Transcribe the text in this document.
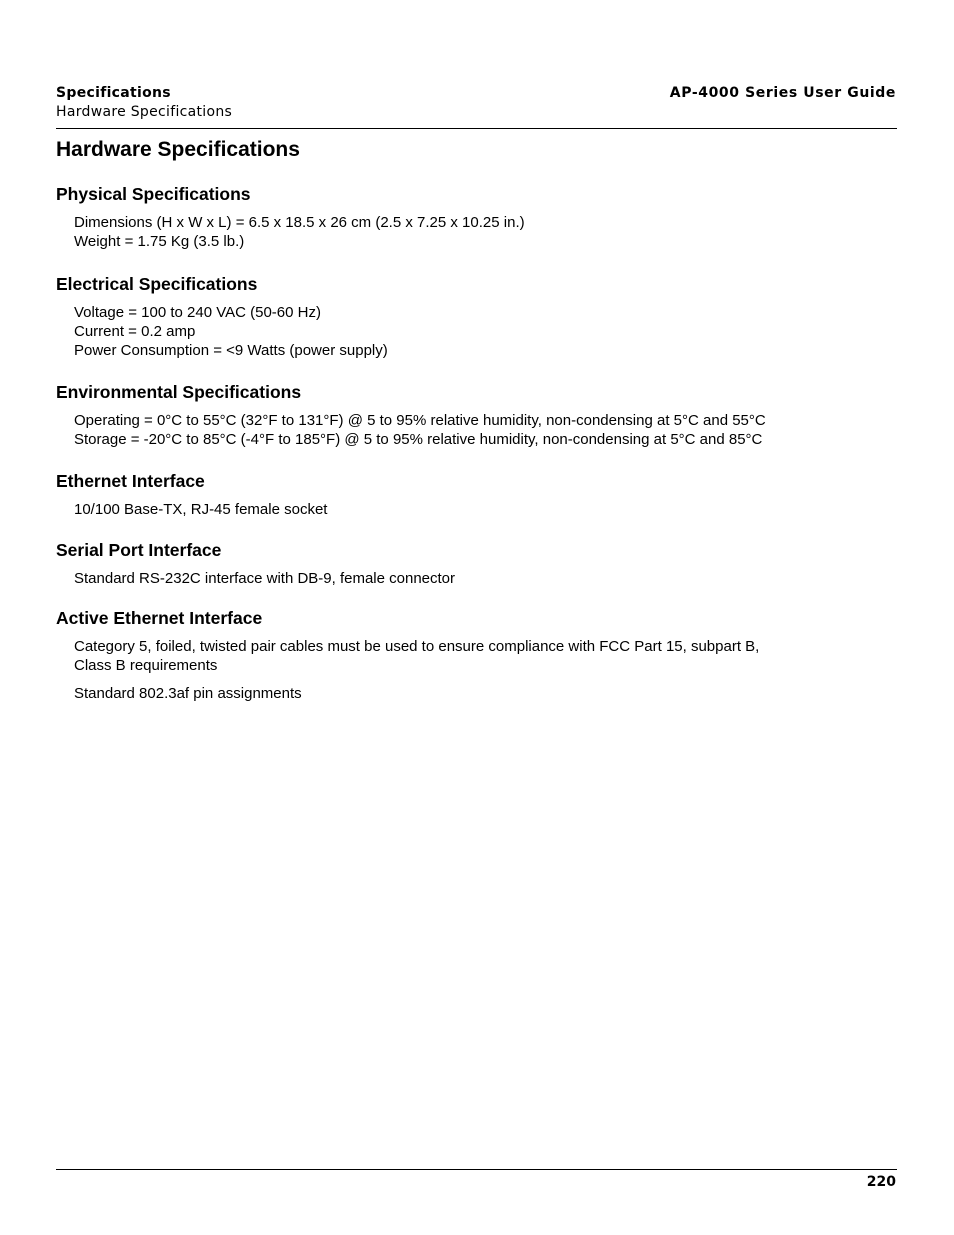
Specifications
Hardware Specifications
AP-4000 Series User Guide
Hardware Specifications
Physical Specifications
Dimensions (H x W x L) = 6.5 x 18.5 x 26 cm (2.5 x 7.25 x 10.25 in.)
Weight = 1.75 Kg (3.5 lb.)
Electrical Specifications
Voltage = 100 to 240 VAC (50-60 Hz)
Current = 0.2 amp
Power Consumption = <9 Watts (power supply)
Environmental Specifications
Operating = 0°C to 55°C (32°F to 131°F) @ 5 to 95% relative humidity, non-condensing at 5°C and 55°C
Storage = -20°C to 85°C (-4°F to 185°F) @ 5 to 95% relative humidity, non-condensing at 5°C and 85°C
Ethernet Interface
10/100 Base-TX, RJ-45 female socket
Serial Port Interface
Standard RS-232C interface with DB-9, female connector
Active Ethernet Interface
Category 5, foiled, twisted pair cables must be used to ensure compliance with FCC Part 15, subpart B,
Class B requirements
Standard 802.3af pin assignments
220
